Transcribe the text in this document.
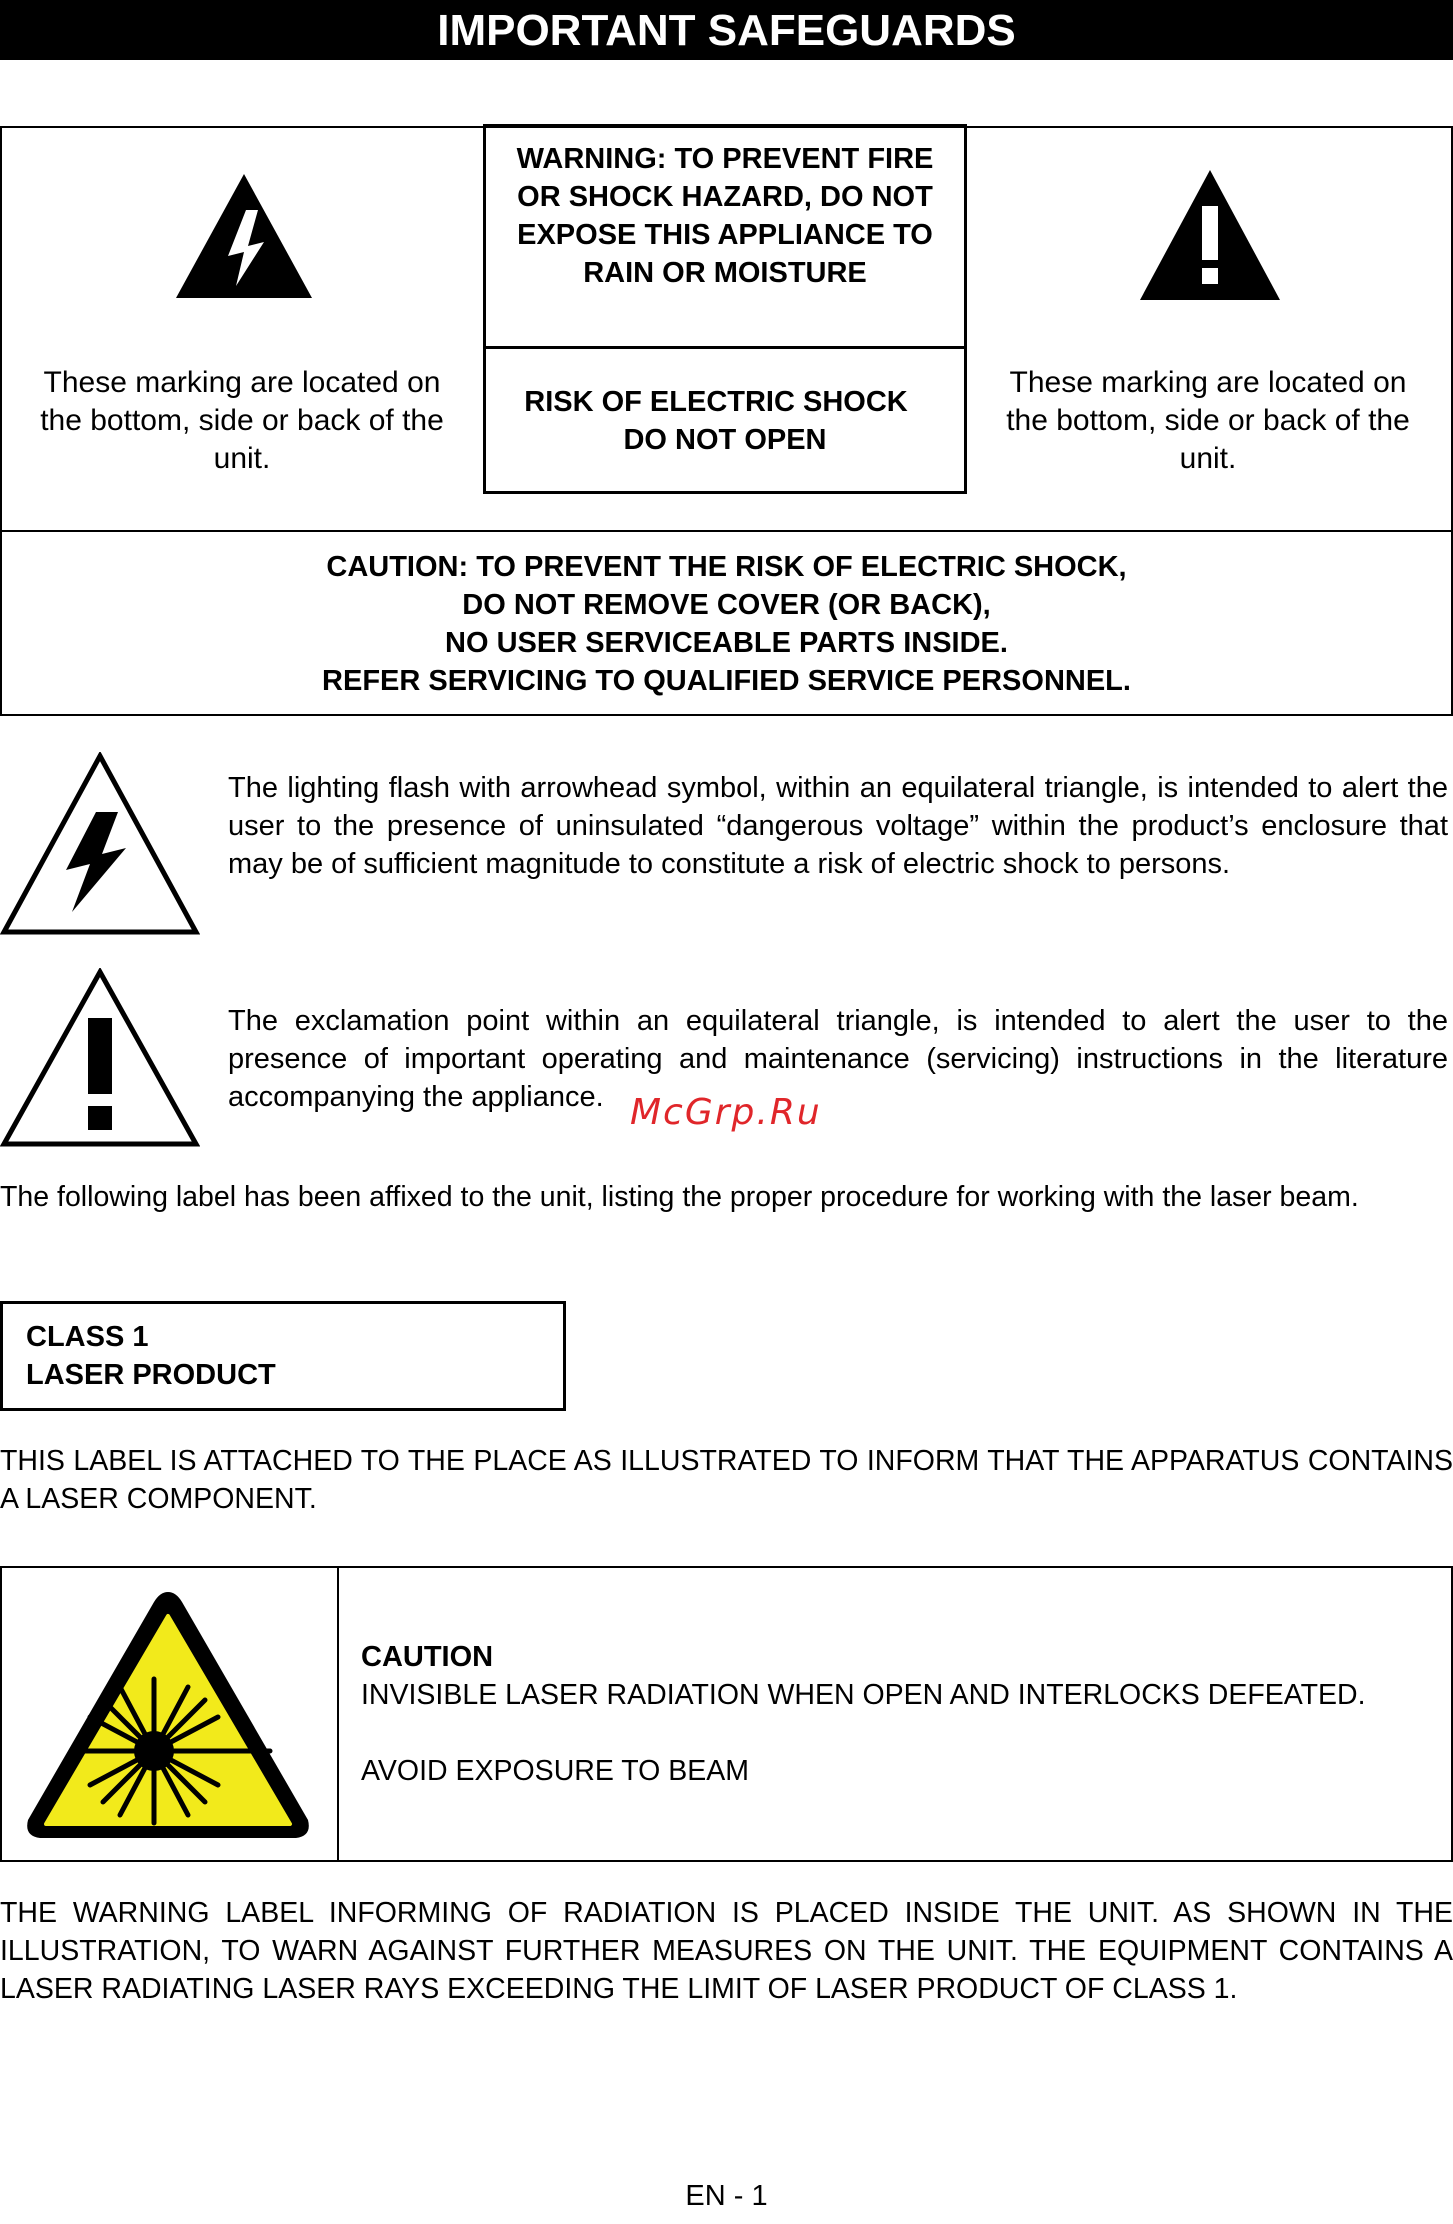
IMPORTANT SAFEGUARDS
These marking are located on the bottom, side or back of the unit.
WARNING: TO PREVENT FIRE OR SHOCK HAZARD, DO NOT EXPOSE THIS APPLIANCE TO RAIN OR MOISTURE
RISK OF ELECTRIC SHOCK
DO NOT OPEN
These marking are located on the bottom, side or back of the unit.
CAUTION: TO PREVENT THE RISK OF ELECTRIC SHOCK,
DO NOT REMOVE COVER (OR BACK),
NO USER SERVICEABLE PARTS INSIDE.
REFER SERVICING TO QUALIFIED SERVICE PERSONNEL.
The lighting flash with arrowhead symbol, within an equilateral triangle, is intended to alert the user to the presence of uninsulated “dangerous voltage” within the product’s enclosure that may be of sufficient magnitude to constitute a risk of electric shock to persons.
The exclamation point within an equilateral triangle, is intended to alert the user to the presence of important operating and maintenance (servicing) instructions in the literature accompanying the appliance. McGrp.Ru
The following label has been affixed to the unit, listing the proper procedure for working with the laser beam.
CLASS 1
LASER PRODUCT
THIS LABEL IS ATTACHED TO THE PLACE AS ILLUSTRATED TO INFORM THAT THE APPARATUS CONTAINS A LASER COMPONENT.
CAUTION
INVISIBLE LASER RADIATION WHEN OPEN AND INTERLOCKS DEFEATED.
AVOID EXPOSURE TO BEAM
THE WARNING LABEL INFORMING OF RADIATION IS PLACED INSIDE THE UNIT. AS SHOWN IN THE ILLUSTRATION, TO WARN AGAINST FURTHER MEASURES ON THE UNIT. THE EQUIPMENT CONTAINS A LASER RADIATING LASER RAYS EXCEEDING THE LIMIT OF LASER PRODUCT OF CLASS 1.
EN - 1
